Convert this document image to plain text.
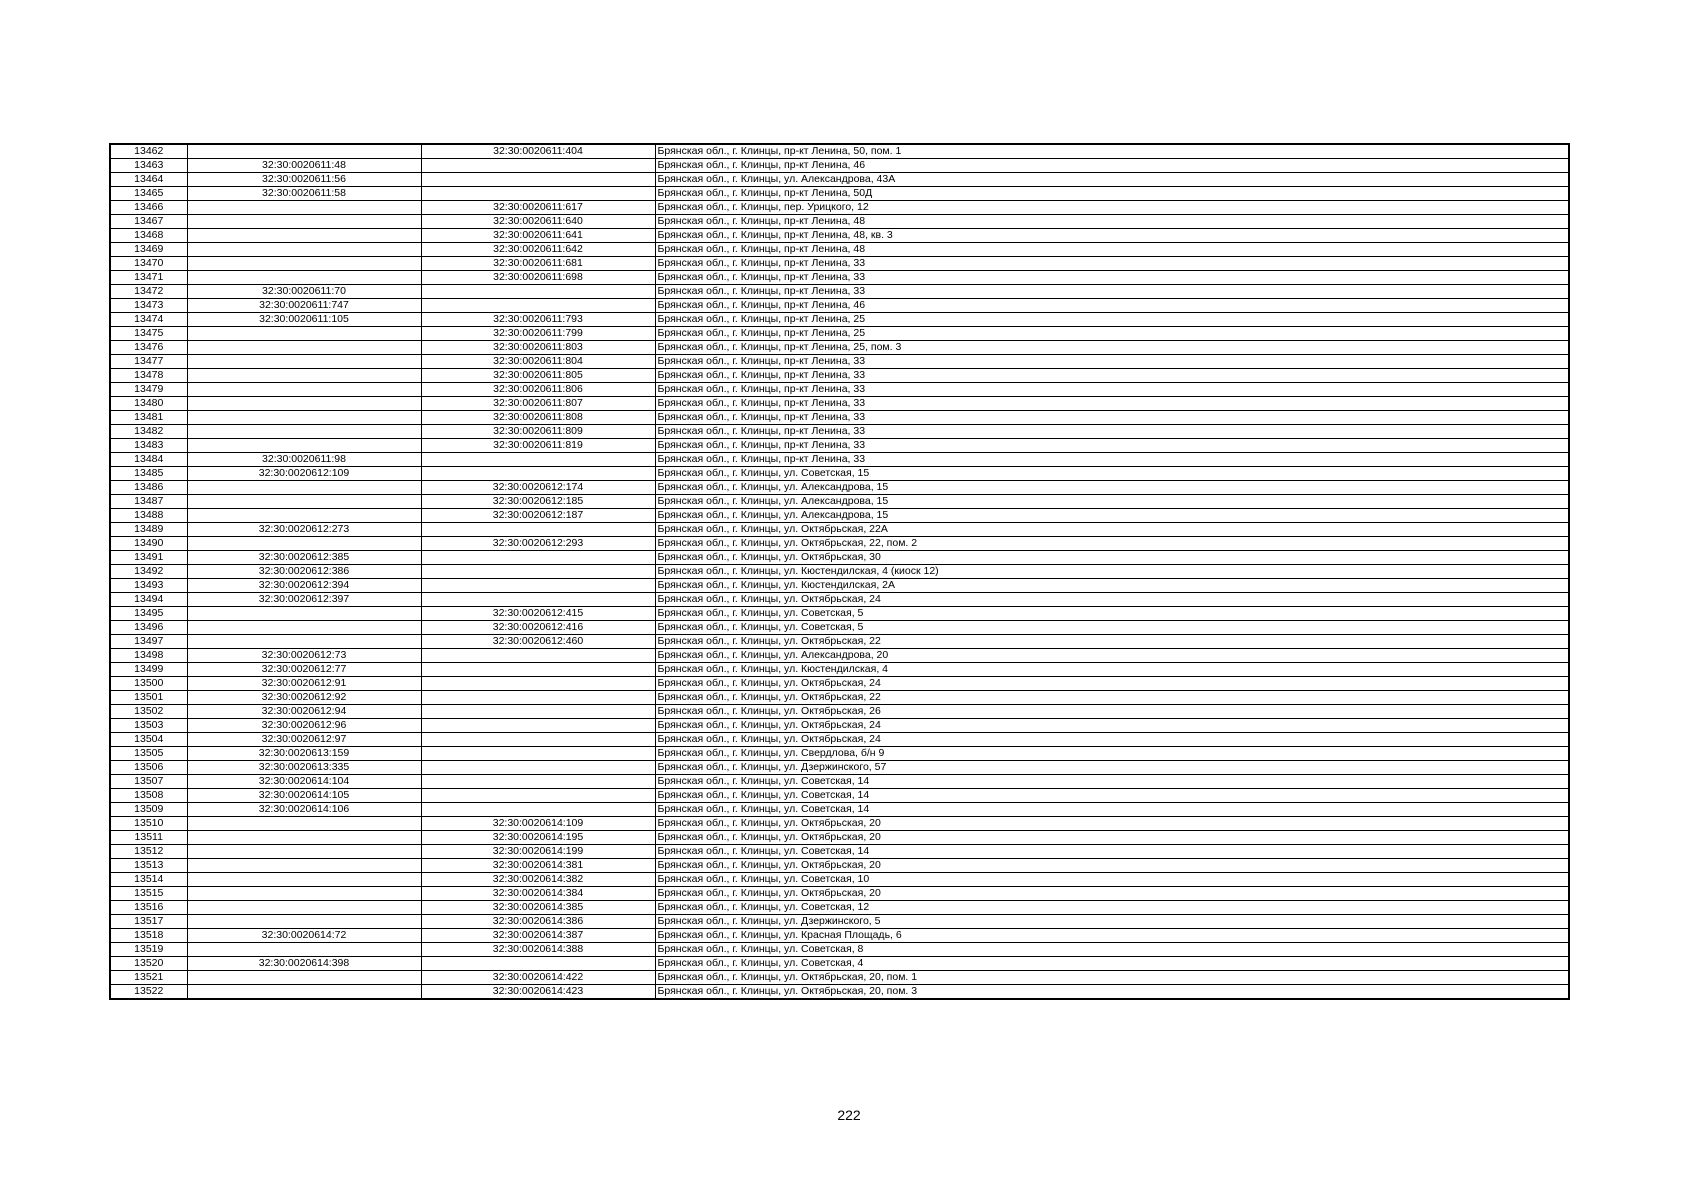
13462		32:30:0020611:404	Брянская обл., г. Клинцы, пр-кт Ленина, 50, пом. 1
13463	32:30:0020611:48		Брянская обл., г. Клинцы, пр-кт Ленина, 46
13464	32:30:0020611:56		Брянская обл., г. Клинцы, ул. Александрова, 43А
13465	32:30:0020611:58		Брянская обл., г. Клинцы, пр-кт Ленина, 50Д
13466		32:30:0020611:617	Брянская обл., г. Клинцы, пер. Урицкого, 12
13467		32:30:0020611:640	Брянская обл., г. Клинцы, пр-кт Ленина, 48
13468		32:30:0020611:641	Брянская обл., г. Клинцы, пр-кт Ленина, 48, кв. 3
13469		32:30:0020611:642	Брянская обл., г. Клинцы, пр-кт Ленина, 48
13470		32:30:0020611:681	Брянская обл., г. Клинцы, пр-кт Ленина, 33
13471		32:30:0020611:698	Брянская обл., г. Клинцы, пр-кт Ленина, 33
13472	32:30:0020611:70		Брянская обл., г. Клинцы, пр-кт Ленина, 33
13473	32:30:0020611:747		Брянская обл., г. Клинцы, пр-кт Ленина, 46
13474	32:30:0020611:105	32:30:0020611:793	Брянская обл., г. Клинцы, пр-кт Ленина, 25
13475		32:30:0020611:799	Брянская обл., г. Клинцы, пр-кт Ленина, 25
13476		32:30:0020611:803	Брянская обл., г. Клинцы, пр-кт Ленина, 25, пом. 3
13477		32:30:0020611:804	Брянская обл., г. Клинцы, пр-кт Ленина, 33
13478		32:30:0020611:805	Брянская обл., г. Клинцы, пр-кт Ленина, 33
13479		32:30:0020611:806	Брянская обл., г. Клинцы, пр-кт Ленина, 33
13480		32:30:0020611:807	Брянская обл., г. Клинцы, пр-кт Ленина, 33
13481		32:30:0020611:808	Брянская обл., г. Клинцы, пр-кт Ленина, 33
13482		32:30:0020611:809	Брянская обл., г. Клинцы, пр-кт Ленина, 33
13483		32:30:0020611:819	Брянская обл., г. Клинцы, пр-кт Ленина, 33
13484	32:30:0020611:98		Брянская обл., г. Клинцы, пр-кт Ленина, 33
13485	32:30:0020612:109		Брянская обл., г. Клинцы, ул. Советская, 15
13486		32:30:0020612:174	Брянская обл., г. Клинцы, ул. Александрова, 15
13487		32:30:0020612:185	Брянская обл., г. Клинцы, ул. Александрова, 15
13488		32:30:0020612:187	Брянская обл., г. Клинцы, ул. Александрова, 15
13489	32:30:0020612:273		Брянская обл., г. Клинцы, ул. Октябрьская, 22А
13490		32:30:0020612:293	Брянская обл., г. Клинцы, ул. Октябрьская, 22, пом. 2
13491	32:30:0020612:385		Брянская обл., г. Клинцы, ул. Октябрьская, 30
13492	32:30:0020612:386		Брянская обл., г. Клинцы, ул. Кюстендилская, 4 (киоск 12)
13493	32:30:0020612:394		Брянская обл., г. Клинцы, ул. Кюстендилская, 2А
13494	32:30:0020612:397		Брянская обл., г. Клинцы, ул. Октябрьская, 24
13495		32:30:0020612:415	Брянская обл., г. Клинцы, ул. Советская, 5
13496		32:30:0020612:416	Брянская обл., г. Клинцы, ул. Советская, 5
13497		32:30:0020612:460	Брянская обл., г. Клинцы, ул. Октябрьская, 22
13498	32:30:0020612:73		Брянская обл., г. Клинцы, ул. Александрова, 20
13499	32:30:0020612:77		Брянская обл., г. Клинцы, ул. Кюстендилская, 4
13500	32:30:0020612:91		Брянская обл., г. Клинцы, ул. Октябрьская, 24
13501	32:30:0020612:92		Брянская обл., г. Клинцы, ул. Октябрьская, 22
13502	32:30:0020612:94		Брянская обл., г. Клинцы, ул. Октябрьская, 26
13503	32:30:0020612:96		Брянская обл., г. Клинцы, ул. Октябрьская, 24
13504	32:30:0020612:97		Брянская обл., г. Клинцы, ул. Октябрьская, 24
13505	32:30:0020613:159		Брянская обл., г. Клинцы, ул. Свердлова, б/н 9
13506	32:30:0020613:335		Брянская обл., г. Клинцы, ул. Дзержинского, 57
13507	32:30:0020614:104		Брянская обл., г. Клинцы, ул. Советская, 14
13508	32:30:0020614:105		Брянская обл., г. Клинцы, ул. Советская, 14
13509	32:30:0020614:106		Брянская обл., г. Клинцы, ул. Советская, 14
13510		32:30:0020614:109	Брянская обл., г. Клинцы, ул. Октябрьская, 20
13511		32:30:0020614:195	Брянская обл., г. Клинцы, ул. Октябрьская, 20
13512		32:30:0020614:199	Брянская обл., г. Клинцы, ул. Советская, 14
13513		32:30:0020614:381	Брянская обл., г. Клинцы, ул. Октябрьская, 20
13514		32:30:0020614:382	Брянская обл., г. Клинцы, ул. Советская, 10
13515		32:30:0020614:384	Брянская обл., г. Клинцы, ул. Октябрьская, 20
13516		32:30:0020614:385	Брянская обл., г. Клинцы, ул. Советская, 12
13517		32:30:0020614:386	Брянская обл., г. Клинцы, ул. Дзержинского, 5
13518	32:30:0020614:72	32:30:0020614:387	Брянская обл., г. Клинцы, ул. Красная Площадь, 6
13519		32:30:0020614:388	Брянская обл., г. Клинцы, ул. Советская, 8
13520	32:30:0020614:398		Брянская обл., г. Клинцы, ул. Советская, 4
13521		32:30:0020614:422	Брянская обл., г. Клинцы, ул. Октябрьская, 20, пом. 1
13522		32:30:0020614:423	Брянская обл., г. Клинцы, ул. Октябрьская, 20, пом. 3
222
